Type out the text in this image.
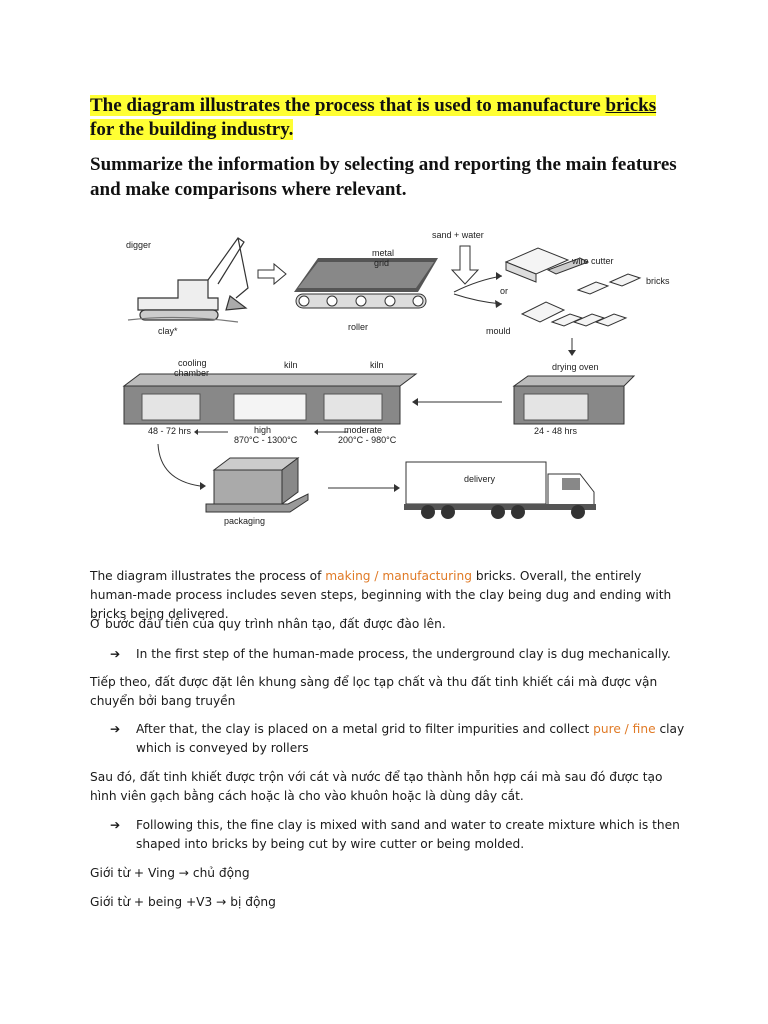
The diagram illustrates the process that is used to manufacture bricks
for the building industry.
Summarize the information by selecting and reporting the main features and make comparisons where relevant.
digger
clay*
metal
grid
roller
sand + water
or
wire cutter
bricks
mould
drying oven
24 - 48 hrs
cooling
chamber
kiln	kiln
48 - 72 hrs	high
870°C - 1300°C
moderate
200°C - 980°C
packaging
delivery
The diagram illustrates the process of making / manufacturing bricks. Overall, the entirely human-made process includes seven steps, beginning with the clay being dug and ending with bricks being delivered.
Ở bước đầu tiên của quy trình nhân tạo, đất được đào lên.
➔ In the first step of the human-made process, the underground clay is dug mechanically.
Tiếp theo, đất được đặt lên khung sàng để lọc tạp chất và thu đất tinh khiết cái mà được vận chuyển bởi bang truyền
➔ After that, the clay is placed on a metal grid to filter impurities and collect pure / fine clay which is conveyed by rollers
Sau đó, đất tinh khiết được trộn với cát và nước để tạo thành hỗn hợp cái mà sau đó được tạo hình viên gạch bằng cách hoặc là cho vào khuôn hoặc là dùng dây cắt.
➔ Following this, the fine clay is mixed with sand and water to create mixture which is then shaped into bricks by being cut by wire cutter or being molded.
Giới từ + Ving → chủ động
Giới từ + being +V3 → bị động
